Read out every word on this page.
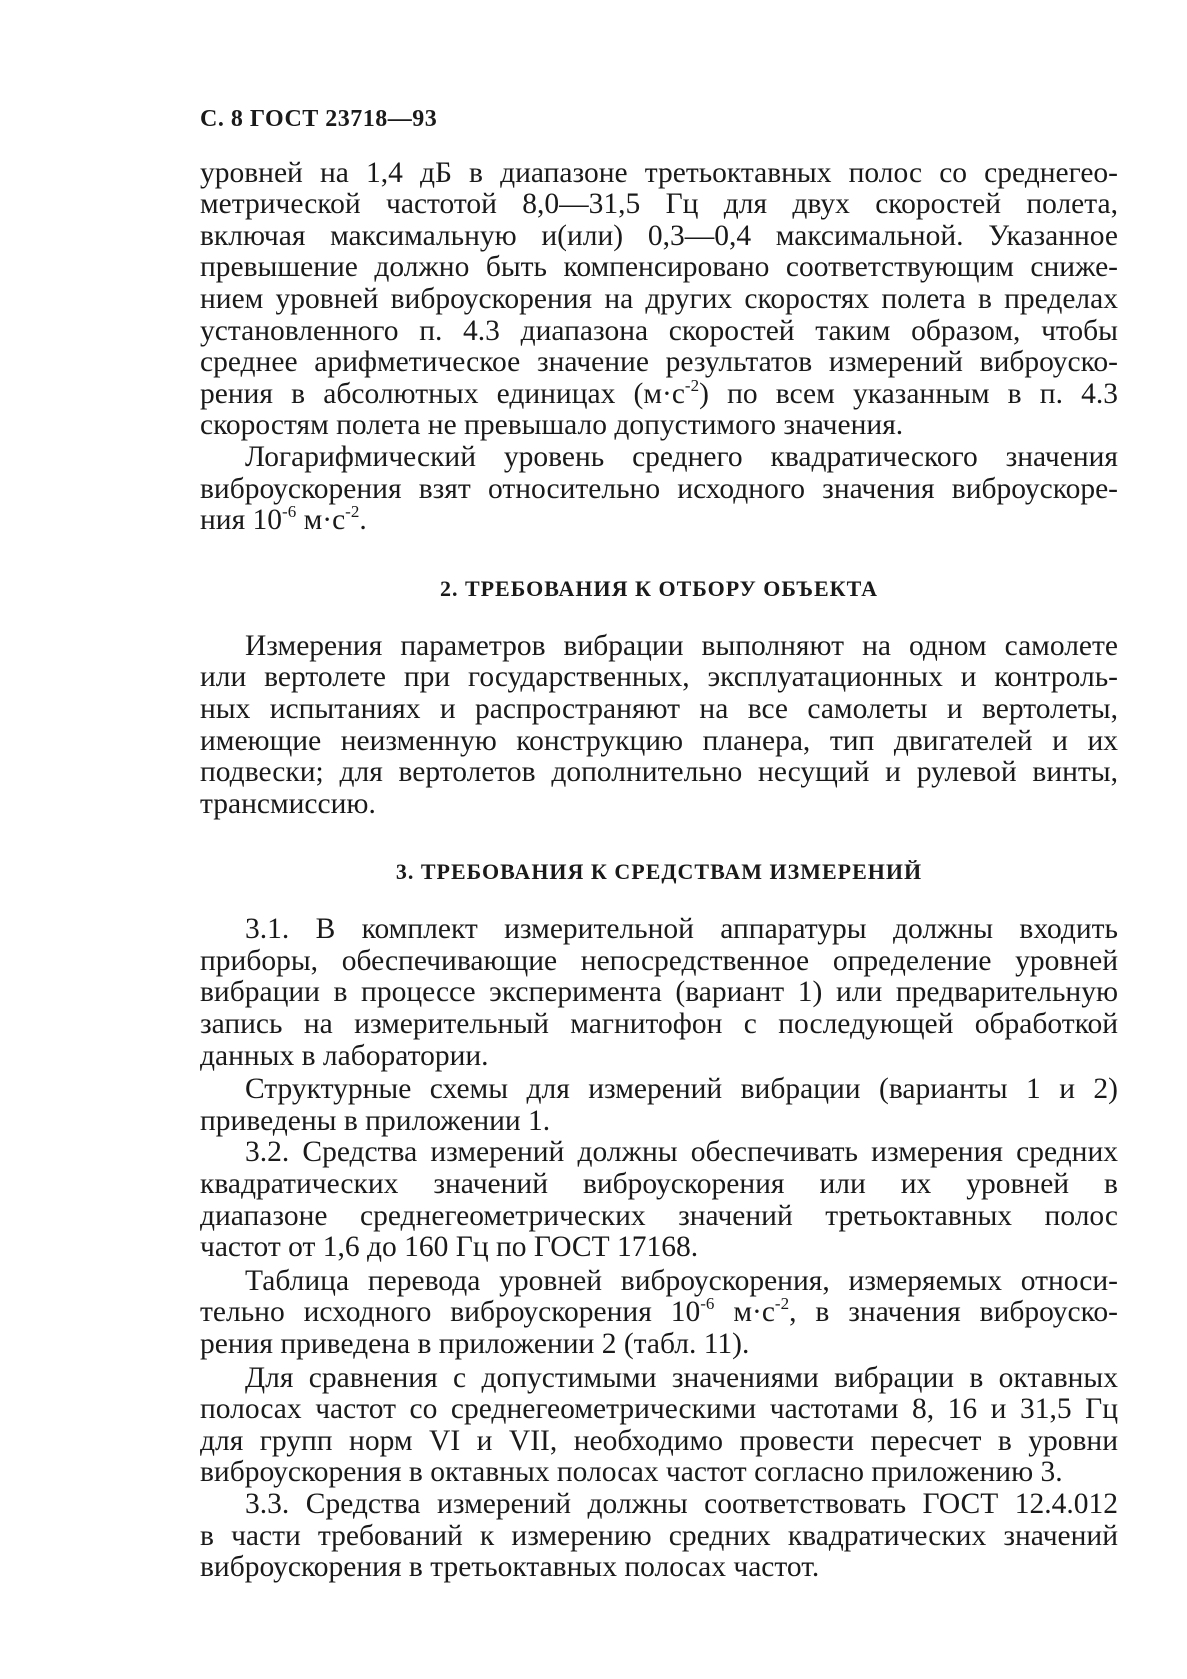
С. 8 ГОСТ 23718—93
уровней на 1,4 дБ в диапазоне третьоктавных полос со среднегео-
метрической частотой 8,0—31,5 Гц для двух скоростей полета,
включая максимальную и(или) 0,3—0,4 максимальной. Указанное
превышение должно быть компенсировано соответствующим сниже-
нием уровней виброускорения на других скоростях полета в пределах
установленного п. 4.3 диапазона скоростей таким образом, чтобы
среднее арифметическое значение результатов измерений виброуско-
рения в абсолютных единицах $(м\cdot с^{-2})$ по всем указанным в п. 4.3
скоростям полета не превышало допустимого значения.
Логарифмический уровень среднего квадратического значения
виброускорения взят относительно исходного значения виброускоре-
ния $10^{-6}$ $м\cdot с^{-2}$.
2. ТРЕБОВАНИЯ К ОТБОРУ ОБЪЕКТА
Измерения параметров вибрации выполняют на одном самолете
или вертолете при государственных, эксплуатационных и контроль-
ных испытаниях и распространяют на все самолеты и вертолеты,
имеющие неизменную конструкцию планера, тип двигателей и их
подвески; для вертолетов дополнительно несущий и рулевой винты,
трансмиссию.
3. ТРЕБОВАНИЯ К СРЕДСТВАМ ИЗМЕРЕНИЙ
3.1. В комплект измерительной аппаратуры должны входить
приборы, обеспечивающие непосредственное определение уровней
вибрации в процессе эксперимента (вариант 1) или предварительную
запись на измерительный магнитофон с последующей обработкой
данных в лаборатории.
Структурные схемы для измерений вибрации (варианты 1 и 2)
приведены в приложении 1.
3.2. Средства измерений должны обеспечивать измерения средних
квадратических значений виброускорения или их уровней в
диапазоне среднегеометрических значений третьоктавных полос
частот от 1,6 до 160 Гц по ГОСТ 17168.
Таблица перевода уровней виброускорения, измеряемых относи-
тельно исходного виброускорения $10^{-6}$ $м\cdot с^{-2}$, в значения виброуско-
рения приведена в приложении 2 (табл. 11).
Для сравнения с допустимыми значениями вибрации в октавных
полосах частот со среднегеометрическими частотами 8, 16 и 31,5 Гц
для групп норм VI и VII, необходимо провести пересчет в уровни
виброускорения в октавных полосах частот согласно приложению 3.
3.3. Средства измерений должны соответствовать ГОСТ 12.4.012
в части требований к измерению средних квадратических значений
виброускорения в третьоктавных полосах частот.
